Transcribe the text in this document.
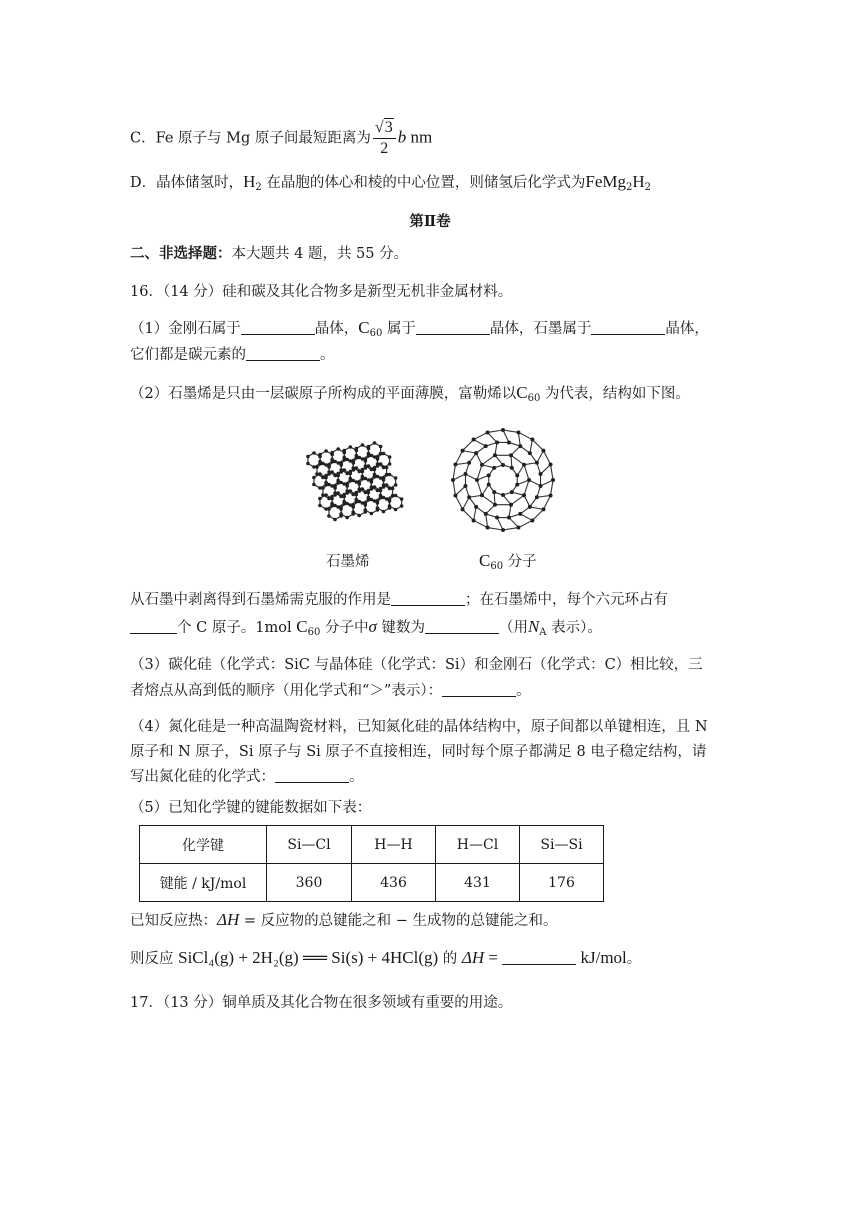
C．Fe 原子与 Mg 原子间最短距离为 $\frac{√3}{2}$ b nm
D．晶体储氢时，$H_2$ 在晶胞的体心和棱的中心位置，则储氢后化学式为$FeMg_2H_2$
第Ⅱ卷
二、非选择题：本大题共 4 题，共 55 分。
16．（14 分）硅和碳及其化合物多是新型无机非金属材料。
（1）金刚石属于	晶体，$C_{60}$ 属于	晶体，石墨属于	晶体，
它们都是碳元素的	。
（2）石墨烯是只由一层碳原子所构成的平面薄膜，富勒烯以$C_{60}$ 为代表，结构如下图。
石墨烯	$C_{60}$ 分子
从石墨中剥离得到石墨烯需克服的作用是	；在石墨烯中，每个六元环占有
个 C 原子。1mol $C_{60}$ 分子中σ 键数为	（用$N_A$ 表示）。
（3）碳化硅（化学式：SiC 与晶体硅（化学式：Si）和金刚石（化学式：C）相比较，三
者熔点从高到低的顺序（用化学式和“＞”表示）：	。
（4）氮化硅是一种高温陶瓷材料，已知氮化硅的晶体结构中，原子间都以单键相连，且 N
原子和 N 原子，Si 原子与 Si 原子不直接相连，同时每个原子都满足 8 电子稳定结构，请
写出氮化硅的化学式：	。
（5）已知化学键的键能数据如下表：
化学键	Si—Cl	H—H	H—Cl	Si—Si
键能 / kJ/mol	360	436	431	176
已知反应热：ΔH = 反应物的总键能之和 − 生成物的总键能之和。
则反应 SiCl₄(g) + 2H₂(g) ══ Si(s) + 4HCl(g) 的 ΔH =	kJ/mol。
17．（13 分）铜单质及其化合物在很多领域有重要的用途。
